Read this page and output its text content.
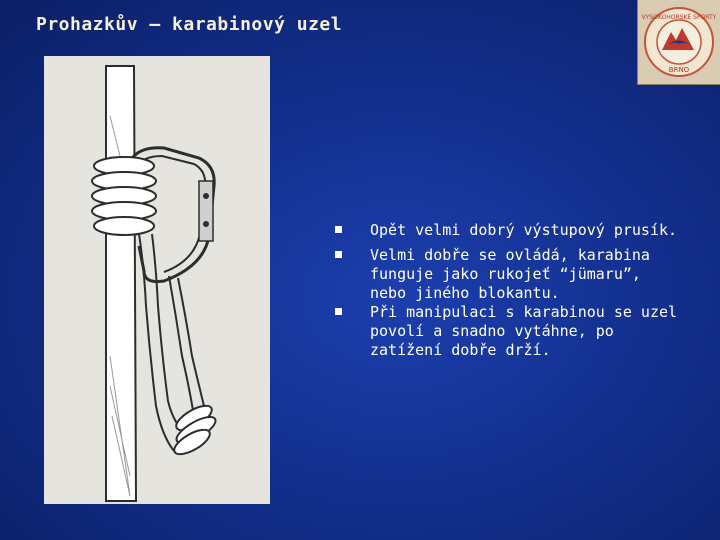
Prohazkův – karabinový uzel	VYSOKOHORSKÉ SPORTY
BRNO
Opět velmi dobrý výstupový prusík.
Velmi dobře se ovládá, karabina
funguje jako rukojeť “jümaru”,
nebo jiného blokantu.
Při manipulaci s karabinou se uzel
povolí a snadno vytáhne, po
zatížení dobře drží.
